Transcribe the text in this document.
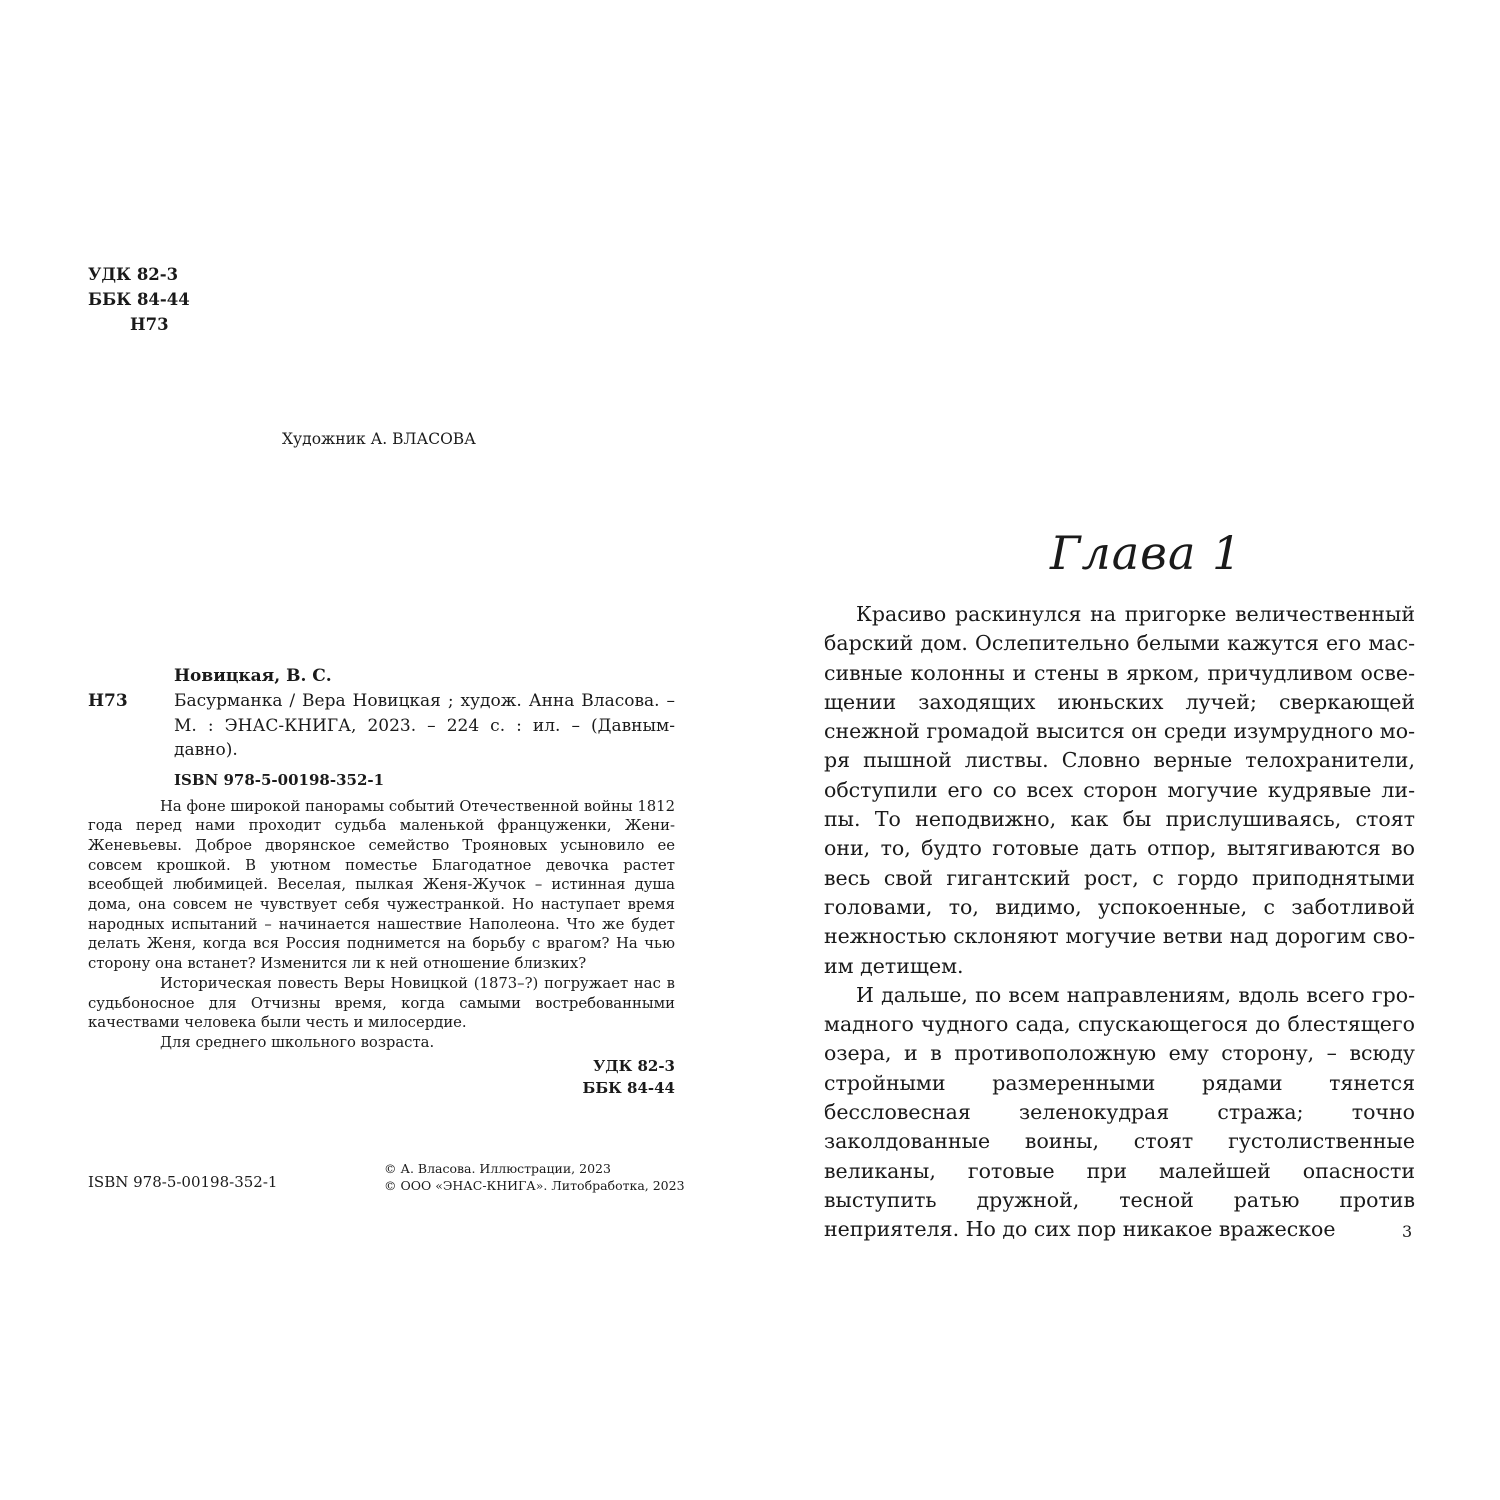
УДК 82-3
ББК 84-44
Н73
Художник А. ВЛАСОВА
Новицкая, В. С.
Н73	Басурманка / Вера Новицкая ; худож. Анна Власова. – М. : ЭНАС-КНИГА, 2023. – 224 с. : ил. – (Давным-давно).
ISBN 978-5-00198-352-1

На фоне широкой панорамы событий Отечественной войны 1812 года перед нами проходит судьба маленькой француженки, Жени-Женевьевы. Доброе дворянское семейство Трояновых усыновило ее совсем крошкой. В уютном поместье Благодатное девочка растет всеобщей любимицей. Веселая, пылкая Женя-Жучок – истинная душа дома, она совсем не чувствует себя чужестранкой. Но наступает время народных испытаний – начинается нашествие Наполеона. Что же будет делать Женя, когда вся Россия поднимется на борьбу с врагом? На чью сторону она встанет? Изменится ли к ней отношение близких?

Историческая повесть Веры Новицкой (1873–?) погружает нас в судьбоносное для Отчизны время, когда самыми востребованными качествами человека были честь и милосердие.

Для среднего школьного возраста.

УДК 82-3
ББК 84-44
ISBN 978-5-00198-352-1
© А. Власова. Иллюстрации, 2023
© ООО «ЭНАС-КНИГА». Литобработка, 2023
Глава 1

Красиво раскинулся на пригорке величественный барский дом. Ослепительно белыми кажутся его массивные колонны и стены в ярком, причудливом освещении заходящих июньских лучей; сверкающей снежной громадой высится он среди изумрудного моря пышной листвы. Словно верные телохранители, обступили его со всех сторон могучие кудрявые липы. То неподвижно, как бы прислушиваясь, стоят они, то, будто готовые дать отпор, вытягиваются во весь свой гигантский рост, с гордо приподнятыми головами, то, видимо, успокоенные, с заботливой нежностью склоняют могучие ветви над дорогим своим детищем.

И дальше, по всем направлениям, вдоль всего громадного чудного сада, спускающегося до блестящего озера, и в противоположную ему сторону, – всюду стройными размеренными рядами тянется бессловесная зеленокудрая стража; точно заколдованные воины, стоят густолиственные великаны, готовые при малейшей опасности выступить дружной, тесной ратью против неприятеля. Но до сих пор никакое вражеское	3
